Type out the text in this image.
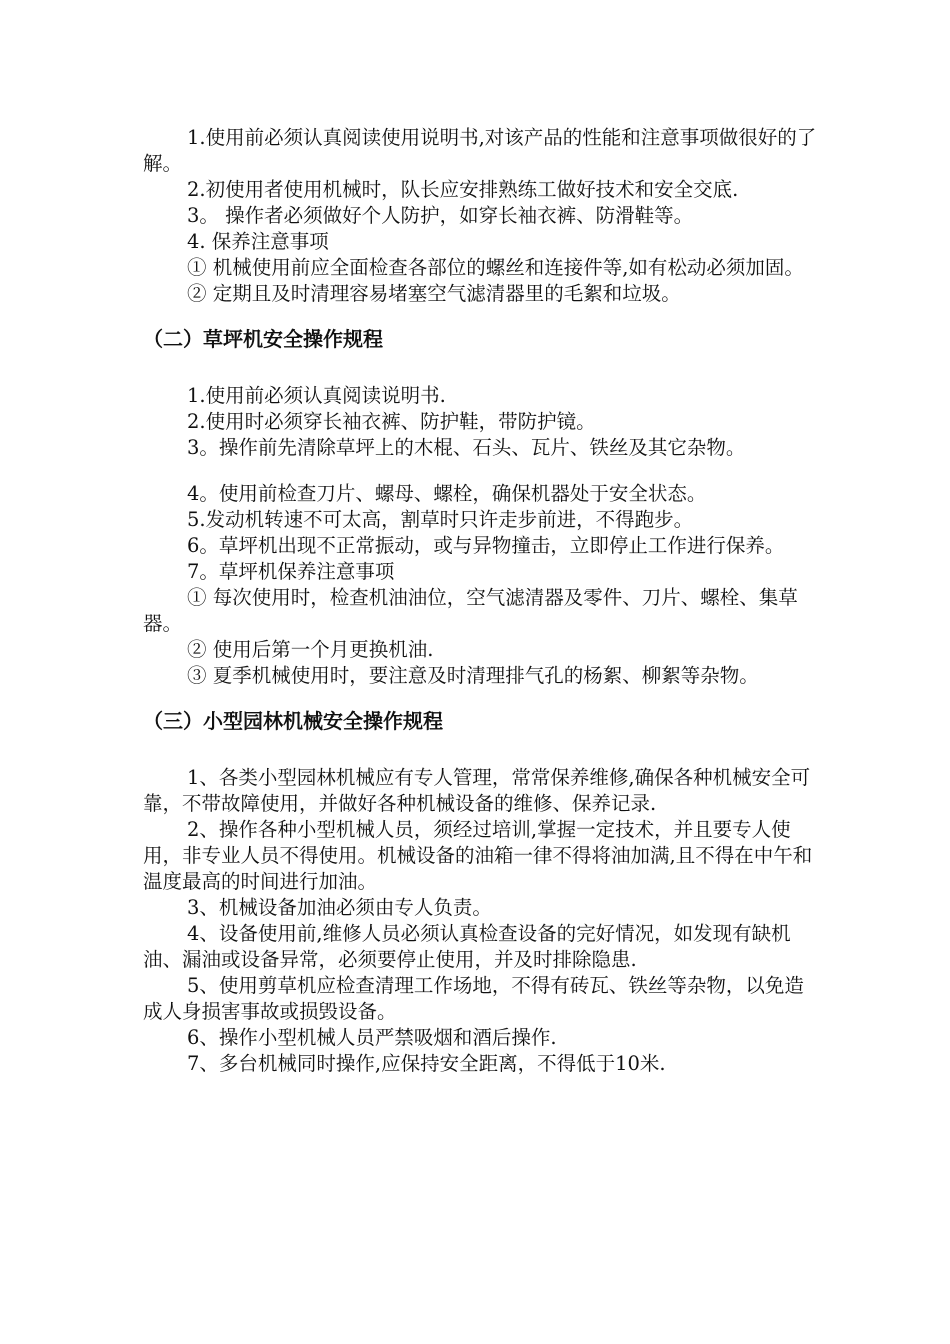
1.使用前必须认真阅读使用说明书,对该产品的性能和注意事项做很好的了解。

2.初使用者使用机械时，队长应安排熟练工做好技术和安全交底.

3。 操作者必须做好个人防护，如穿长袖衣裤、防滑鞋等。

4. 保养注意事项

① 机械使用前应全面检查各部位的螺丝和连接件等,如有松动必须加固。

② 定期且及时清理容易堵塞空气滤清器里的毛絮和垃圾。

（二）草坪机安全操作规程

1.使用前必须认真阅读说明书.

2.使用时必须穿长袖衣裤、防护鞋，带防护镜。

3。操作前先清除草坪上的木棍、石头、瓦片、铁丝及其它杂物。

4。使用前检查刀片、螺母、螺栓，确保机器处于安全状态。

5.发动机转速不可太高，割草时只许走步前进，不得跑步。

6。草坪机出现不正常振动，或与异物撞击，立即停止工作进行保养。

7。草坪机保养注意事项

① 每次使用时，检查机油油位，空气滤清器及零件、刀片、螺栓、集草器。

② 使用后第一个月更换机油.

③ 夏季机械使用时，要注意及时清理排气孔的杨絮、柳絮等杂物。

（三）小型园林机械安全操作规程

1、各类小型园林机械应有专人管理，常常保养维修,确保各种机械安全可靠，不带故障使用，并做好各种机械设备的维修、保养记录.

2、操作各种小型机械人员，须经过培训,掌握一定技术，并且要专人使用，非专业人员不得使用。机械设备的油箱一律不得将油加满,且不得在中午和温度最高的时间进行加油。

3、机械设备加油必须由专人负责。

4、设备使用前,维修人员必须认真检查设备的完好情况，如发现有缺机油、漏油或设备异常，必须要停止使用，并及时排除隐患.

5、使用剪草机应检查清理工作场地，不得有砖瓦、铁丝等杂物，以免造成人身损害事故或损毁设备。

6、操作小型机械人员严禁吸烟和酒后操作.

7、多台机械同时操作,应保持安全距离，不得低于10米.
